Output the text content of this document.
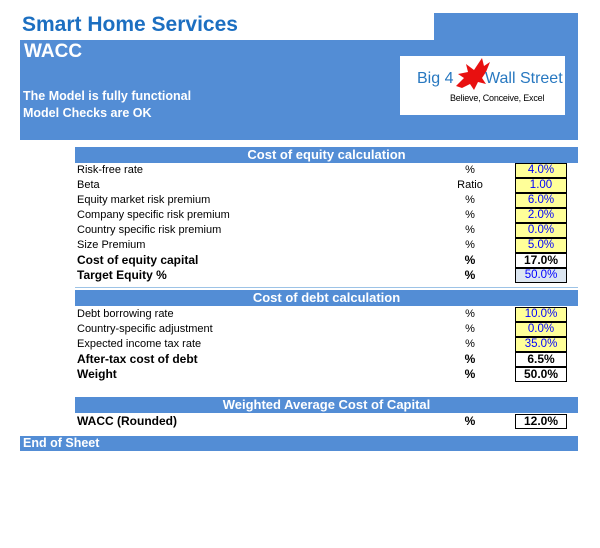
Smart Home Services
WACC
The Model is fully functional
Model Checks are OK
Big 4 Wall Street
Believe, Conceive, Excel
Cost of equity calculation
Risk-free rate	%	4.0%
Beta	Ratio	1.00
Equity market risk premium	%	6.0%
Company specific risk premium	%	2.0%
Country specific risk premium	%	0.0%
Size Premium	%	5.0%
Cost of equity capital	%	17.0%
Target Equity %	%	50.0%
Cost of debt calculation
Debt borrowing rate	%	10.0%
Country-specific adjustment	%	0.0%
Expected income tax rate	%	35.0%
After-tax cost of debt	%	6.5%
Weight	%	50.0%
Weighted Average Cost of Capital
WACC (Rounded)	%	12.0%
End of Sheet
